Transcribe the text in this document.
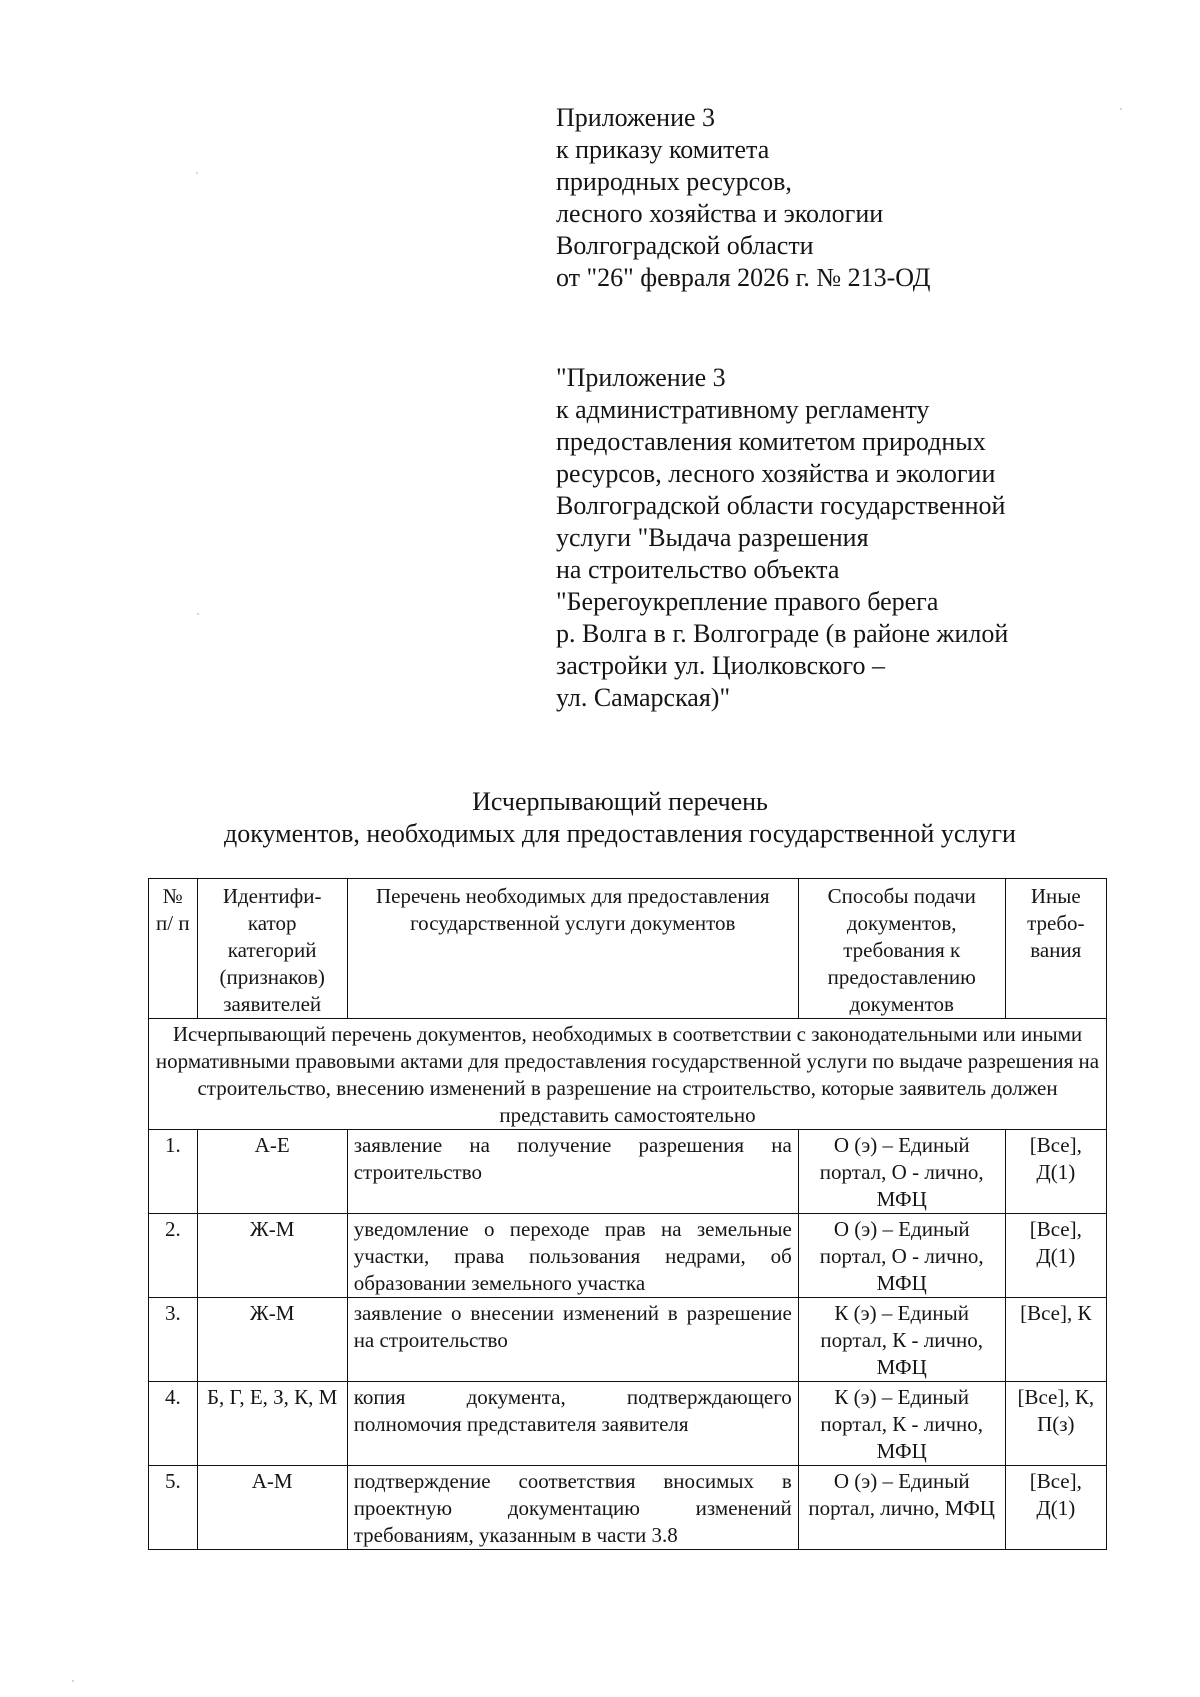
Приложение 3
к приказу комитета
природных ресурсов,
лесного хозяйства и экологии
Волгоградской области
от "26" февраля 2026 г. № 213-ОД
"Приложение 3
к административному регламенту
предоставления комитетом природных
ресурсов, лесного хозяйства и экологии
Волгоградской области государственной
услуги "Выдача разрешения
на строительство объекта
"Берегоукрепление правого берега
р. Волга в г. Волгограде (в районе жилой
застройки ул. Циолковского –
ул. Самарская)"
Исчерпывающий перечень
документов, необходимых для предоставления государственной услуги
№ п/ п	Идентифи- катор категорий (признаков) заявителей	Перечень необходимых для предоставления государственной услуги документов	Способы подачи документов, требования к предоставлению документов	Иные требо- вания
Исчерпывающий перечень документов, необходимых в соответствии с законодательными или иными нормативными правовыми актами для предоставления государственной услуги по выдаче разрешения на строительство, внесению изменений в разрешение на строительство, которые заявитель должен представить самостоятельно				
1.	А-Е	заявление на получение разрешения на строительство	О (э) – Единый портал, О - лично, МФЦ	[Все], Д(1)
2.	Ж-М	уведомление о переходе прав на земельные участки, права пользования недрами, об образовании земельного участка	О (э) – Единый портал, О - лично, МФЦ	[Все], Д(1)
3.	Ж-М	заявление о внесении изменений в разрешение на строительство	К (э) – Единый портал, К - лично, МФЦ	[Все], К
4.	Б, Г, Е, З, К, М	копия документа, подтверждающего полномочия представителя заявителя	К (э) – Единый портал, К - лично, МФЦ	[Все], К, П(з)
5.	А-М	подтверждение соответствия вносимых в проектную документацию изменений требованиям, указанным в части 3.8	О (э) – Единый портал, лично, МФЦ	[Все], Д(1)
